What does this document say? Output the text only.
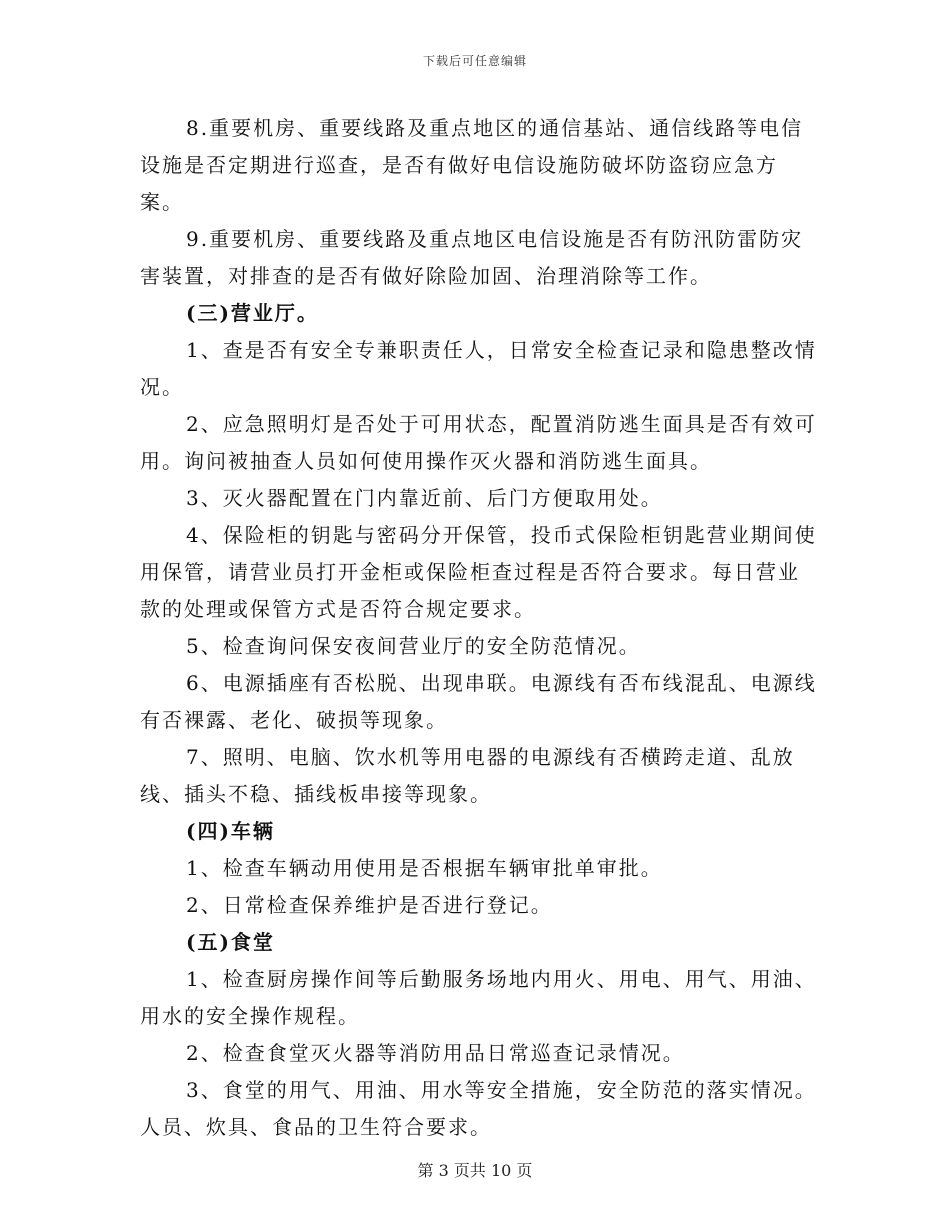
下载后可任意编辑

8.重要机房、重要线路及重点地区的通信基站、通信线路等电信设施是否定期进行巡查，是否有做好电信设施防破坏防盗窃应急方案。

9.重要机房、重要线路及重点地区电信设施是否有防汛防雷防灾害装置，对排查的是否有做好除险加固、治理消除等工作。

(三)营业厅。

1、查是否有安全专兼职责任人，日常安全检查记录和隐患整改情况。

2、应急照明灯是否处于可用状态，配置消防逃生面具是否有效可用。询问被抽查人员如何使用操作灭火器和消防逃生面具。

3、灭火器配置在门内靠近前、后门方便取用处。

4、保险柜的钥匙与密码分开保管，投币式保险柜钥匙营业期间使用保管，请营业员打开金柜或保险柜查过程是否符合要求。每日营业款的处理或保管方式是否符合规定要求。

5、检查询问保安夜间营业厅的安全防范情况。

6、电源插座有否松脱、出现串联。电源线有否布线混乱、电源线有否裸露、老化、破损等现象。

7、照明、电脑、饮水机等用电器的电源线有否横跨走道、乱放线、插头不稳、插线板串接等现象。

(四)车辆

1、检查车辆动用使用是否根据车辆审批单审批。

2、日常检查保养维护是否进行登记。

(五)食堂

1、检查厨房操作间等后勤服务场地内用火、用电、用气、用油、用水的安全操作规程。

2、检查食堂灭火器等消防用品日常巡查记录情况。

3、食堂的用气、用油、用水等安全措施，安全防范的落实情况。人员、炊具、食品的卫生符合要求。

第 3 页共 10 页
